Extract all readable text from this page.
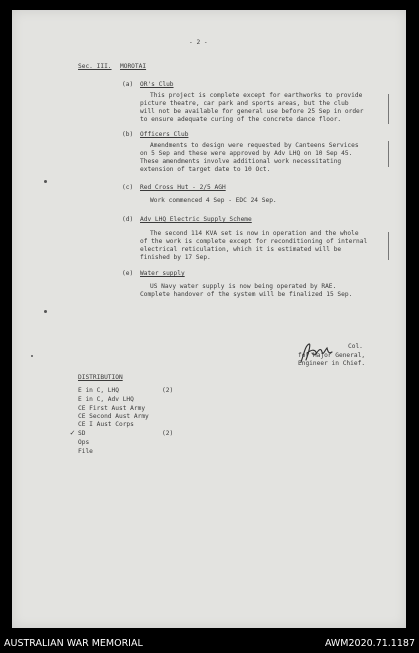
- 2 -

Sec. III. MOROTAI

(a) OR's Club

This project is complete except for earthworks to provide

picture theatre, car park and sports areas, but the club

will not be available for general use before 25 Sep in order

to ensure adequate curing of the concrete dance floor.

(b) Officers Club

Amendments to design were requested by Canteens Services

on 5 Sep and these were approved by Adv LHQ on 10 Sep 45.

These amendments involve additional work necessitating

extension of target date to 10 Oct.

(c) Red Cross Hut - 2/5 AGH

Work commenced 4 Sep - EDC 24 Sep.

(d) Adv LHQ Electric Supply Scheme

The second 114 KVA set is now in operation and the whole

of the work is complete except for reconditioning of internal

electrical reticulation, which it is estimated will be

finished by 17 Sep.

(e) Water supply

US Navy water supply is now being operated by RAE.

Complete handover of the system will be finalized 15 Sep.

Col.

for Major General,

Engineer in Chief.

DISTRIBUTION

E in C, LHQ	(2)

E in C, Adv LHQ

CE First Aust Army

CE Second Aust Army

CE I Aust Corps

✓ SD	(2)

Ops

File

AUSTRALIAN WAR MEMORIAL	AWM2020.71.1187
